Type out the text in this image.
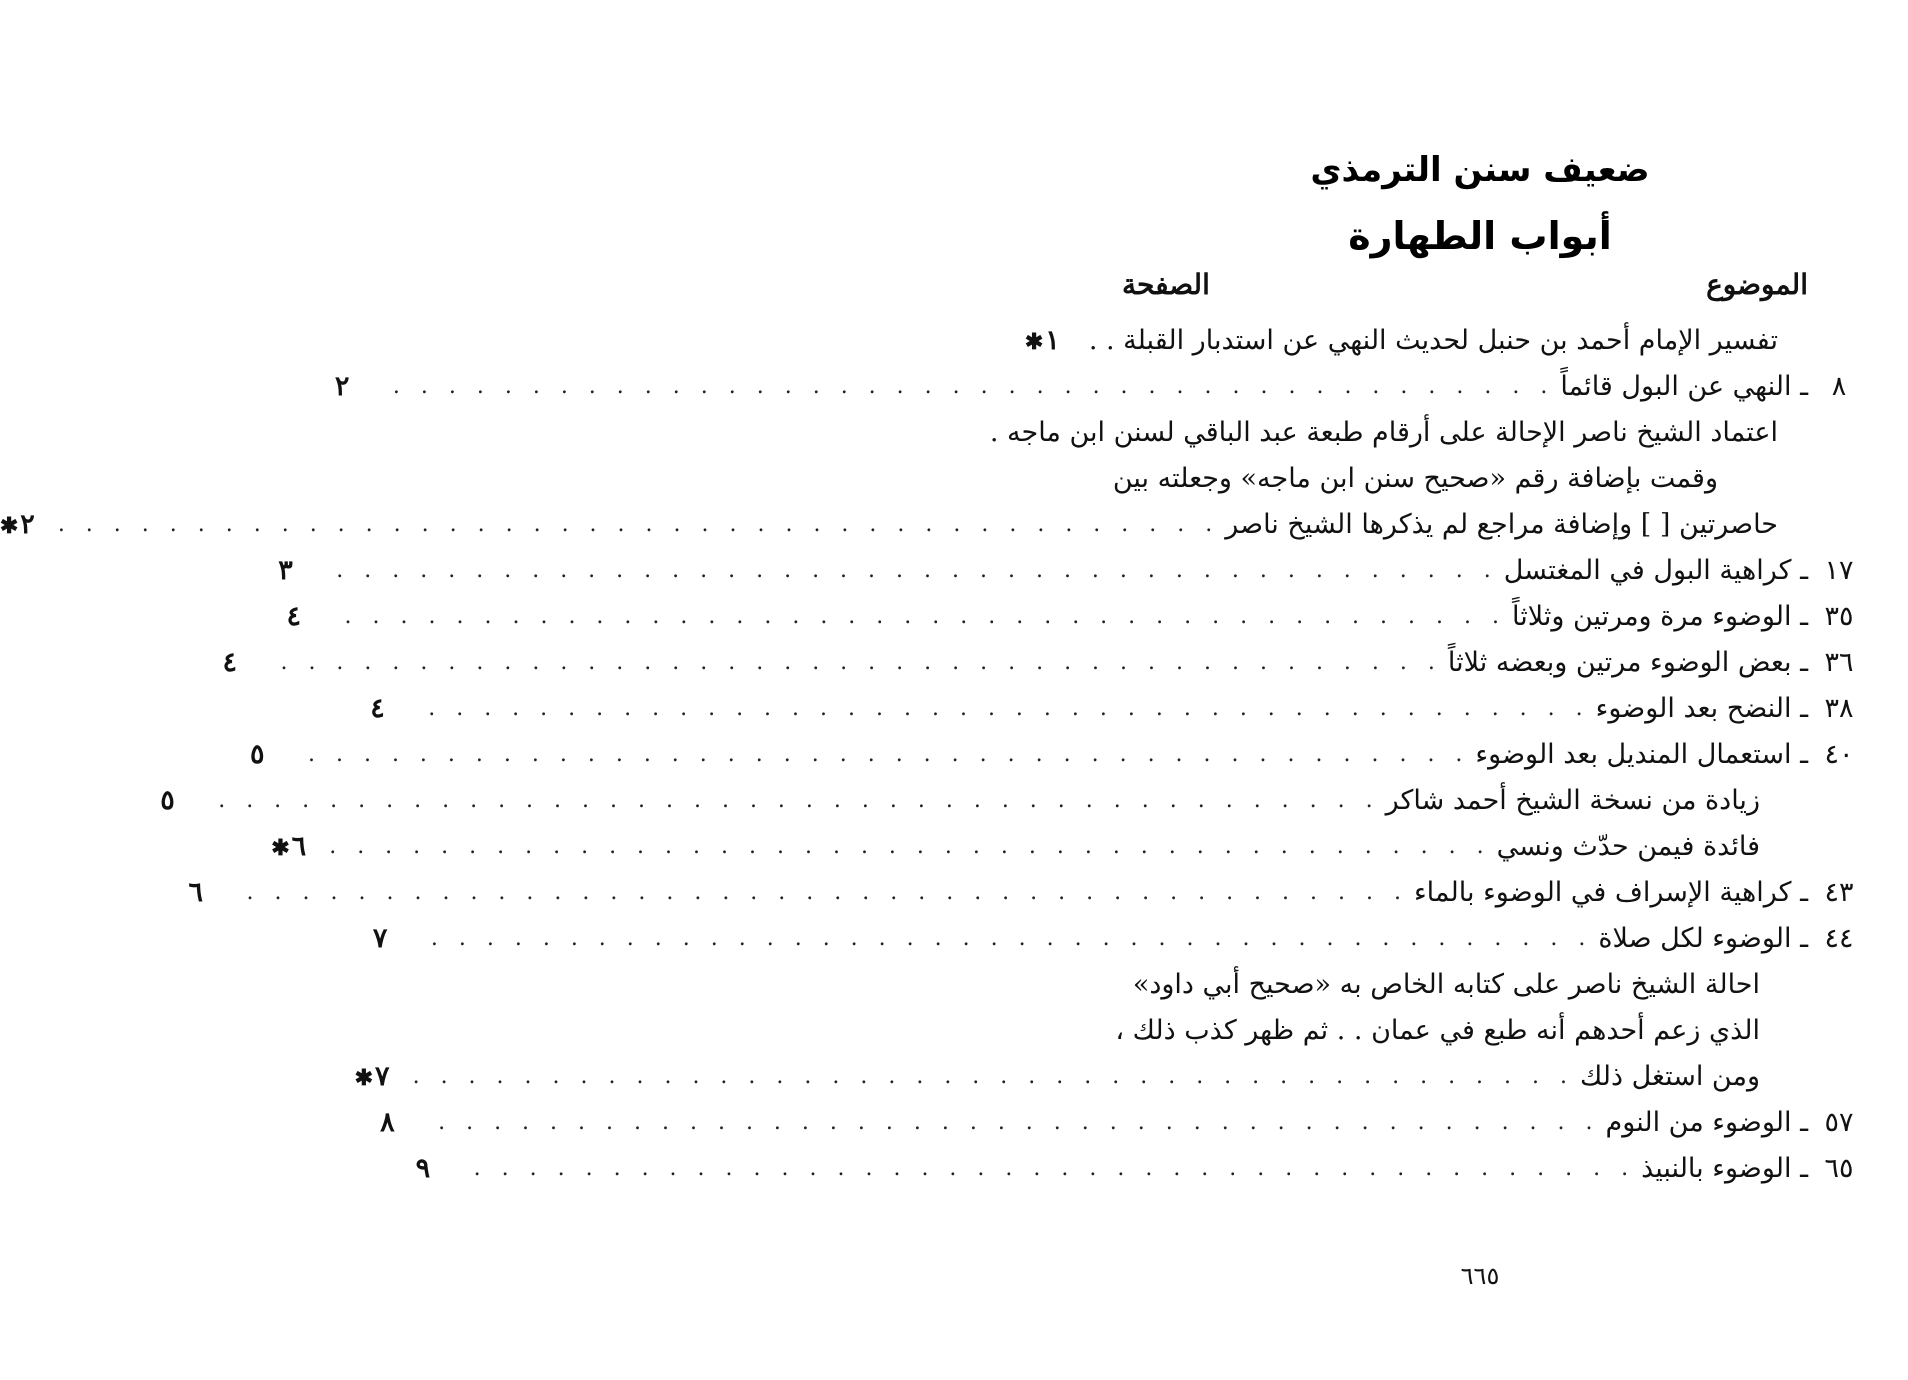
ضعيف سنن الترمذي
أبواب الطهارة
الموضوع
الصفحة
تفسير الإمام أحمد بن حنبل لحديث النهي عن استدبار القبلة . .
✱١
٨
ـ النهي عن البول قائماً
. . . . . . . . . . . . . . . . . . . . . . . . . . . . . . . . . . . . . . . . . .
٢
اعتماد الشيخ ناصر الإحالة على أرقام طبعة عبد الباقي لسنن ابن ماجه .
وقمت بإضافة رقم «صحيح سنن ابن ماجه» وجعلته بين
حاصرتين [ ] وإضافة مراجع لم يذكرها الشيخ ناصر
. . . . . . . . . . . . . . . . . . . . . . . . . . . . . . . . . . . . . . . . . .
✱٢
١٧
ـ كراهية البول في المغتسل
. . . . . . . . . . . . . . . . . . . . . . . . . . . . . . . . . . . . . . . . . .
٣
٣٥
ـ الوضوء مرة ومرتين وثلاثاً
. . . . . . . . . . . . . . . . . . . . . . . . . . . . . . . . . . . . . . . . . .
٤
٣٦
ـ بعض الوضوء مرتين وبعضه ثلاثاً
. . . . . . . . . . . . . . . . . . . . . . . . . . . . . . . . . . . . . . . . . .
٤
٣٨
ـ النضح بعد الوضوء
. . . . . . . . . . . . . . . . . . . . . . . . . . . . . . . . . . . . . . . . . .
٤
٤٠
ـ استعمال المنديل بعد الوضوء
. . . . . . . . . . . . . . . . . . . . . . . . . . . . . . . . . . . . . . . . . .
٥
زيادة من نسخة الشيخ أحمد شاكر
. . . . . . . . . . . . . . . . . . . . . . . . . . . . . . . . . . . . . . . . . .
٥
فائدة فيمن حدّث ونسي
. . . . . . . . . . . . . . . . . . . . . . . . . . . . . . . . . . . . . . . . . .
✱٦
٤٣
ـ كراهية الإسراف في الوضوء بالماء
. . . . . . . . . . . . . . . . . . . . . . . . . . . . . . . . . . . . . . . . . .
٦
٤٤
ـ الوضوء لكل صلاة
. . . . . . . . . . . . . . . . . . . . . . . . . . . . . . . . . . . . . . . . . .
٧
احالة الشيخ ناصر على كتابه الخاص به «صحيح أبي داود»
الذي زعم أحدهم أنه طبع في عمان . . ثم ظهر كذب ذلك ،
ومن استغل ذلك
. . . . . . . . . . . . . . . . . . . . . . . . . . . . . . . . . . . . . . . . . .
✱٧
٥٧
ـ الوضوء من النوم
. . . . . . . . . . . . . . . . . . . . . . . . . . . . . . . . . . . . . . . . . .
٨
٦٥
ـ الوضوء بالنبيذ
. . . . . . . . . . . . . . . . . . . . . . . . . . . . . . . . . . . . . . . . . .
٩
٦٦٥
